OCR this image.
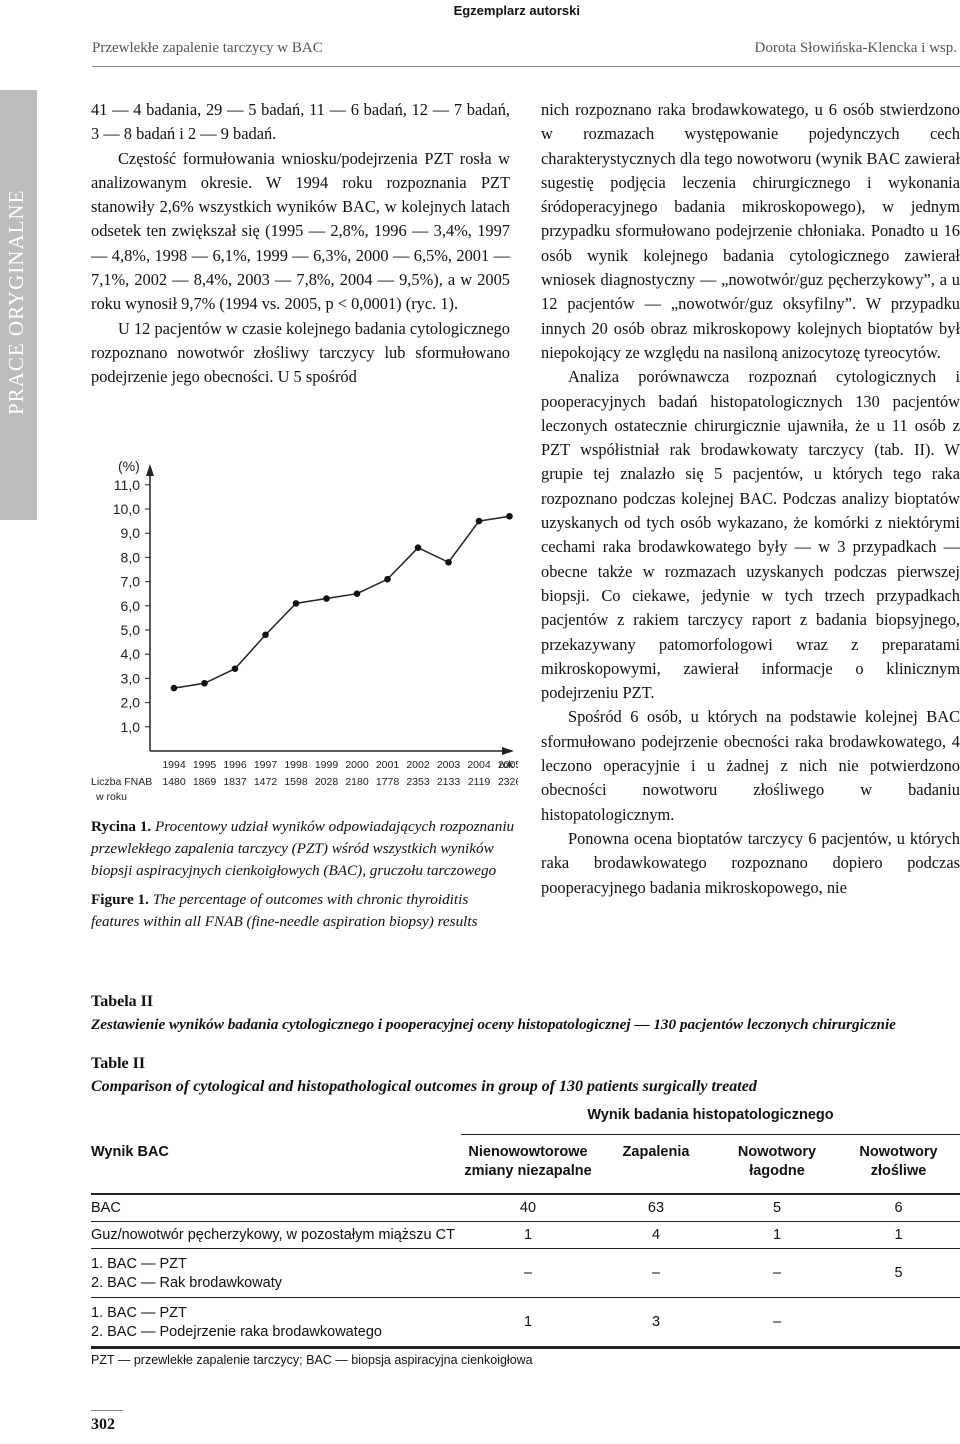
Egzemplarz autorski
Przewlekłe zapalenie tarczycy w BAC	Dorota Słowińska-Klencka i wsp.
PRACE ORYGINALNE

41 — 4 badania, 29 — 5 badań, 11 — 6 badań, 12 — 7 badań, 3 — 8 badań i 2 — 9 badań.

Częstość formułowania wniosku/podejrzenia PZT rosła w analizowanym okresie. W 1994 roku rozpoznania PZT stanowiły 2,6% wszystkich wyników BAC, w kolejnych latach odsetek ten zwiększał się (1995 — 2,8%, 1996 — 3,4%, 1997 — 4,8%, 1998 — 6,1%, 1999 — 6,3%, 2000 — 6,5%, 2001 — 7,1%, 2002 — 8,4%, 2003 — 7,8%, 2004 — 9,5%), a w 2005 roku wynosił 9,7% (1994 vs. 2005, p < 0,0001) (ryc. 1).

U 12 pacjentów w czasie kolejnego badania cytologicznego rozpoznano nowotwór złośliwy tarczycy lub sformułowano podejrzenie jego obecności. U 5 spośród

nich rozpoznano raka brodawkowatego, u 6 osób stwierdzono w rozmazach występowanie pojedynczych cech charakterystycznych dla tego nowotworu (wynik BAC zawierał sugestię podjęcia leczenia chirurgicznego i wykonania śródoperacyjnego badania mikroskopowego), w jednym przypadku sformułowano podejrzenie chłoniaka. Ponadto u 16 osób wynik kolejnego badania cytologicznego zawierał wniosek diagnostyczny — „nowotwór/guz pęcherzykowy”, a u 12 pacjentów — „nowotwór/guz oksyfilny”. W przypadku innych 20 osób obraz mikroskopowy kolejnych bioptatów był niepokojący ze względu na nasiloną anizocytozę tyreocytów.

Analiza porównawcza rozpoznań cytologicznych i pooperacyjnych badań histopatologicznych 130 pacjentów leczonych ostatecznie chirurgicznie ujawniła, że u 11 osób z PZT współistniał rak brodawkowaty tarczycy (tab. II). W grupie tej znalazło się 5 pacjentów, u których tego raka rozpoznano podczas kolejnej BAC. Podczas analizy bioptatów uzyskanych od tych osób wykazano, że komórki z niektórymi cechami raka brodawkowatego były — w 3 przypadkach — obecne także w rozmazach uzyskanych podczas pierwszej biopsji. Co ciekawe, jedynie w tych trzech przypadkach pacjentów z rakiem tarczycy raport z badania biopsyjnego, przekazywany patomorfologowi wraz z preparatami mikroskopowymi, zawierał informacje o klinicznym podejrzeniu PZT.

Spośród 6 osób, u których na podstawie kolejnej BAC sformułowano podejrzenie obecności raka brodawkowatego, 4 leczono operacyjnie i u żadnej z nich nie potwierdzono obecności nowotworu złośliwego w badaniu histopatologicznym.

Ponowna ocena bioptatów tarczycy 6 pacjentów, u których raka brodawkowatego rozpoznano dopiero podczas pooperacyjnego badania mikroskopowego, nie

(%)
1,0
2,0
3,0
4,0
5,0
6,0
7,0
8,0
9,0
10,0
11,0
1994 1995 1996 1997 1998 1999 2000 2001 2002 2003 2004 200
rok
Liczba FNAB
w roku
1480 1869 1837 1472 1598 2028 2180 1778 2353 2133 2119 232

Rycina 1. Procentowy udział wyników odpowiadających rozpoznaniu przewlekłego zapalenia tarczycy (PZT) wśród wszystkich wyników biopsji aspiracyjnych cienkoigłowych (BAC), gruczołu tarczowego

Figure 1. The percentage of outcomes with chronic thyroiditis features within all FNAB (fine-needle aspiration biopsy) results

Tabela II

Zestawienie wyników badania cytologicznego i pooperacyjnej oceny histopatologicznej — 130 pacjentów leczonych chirurgicznie

Table II

Comparison of cytological and histopathological outcomes in group of 130 patients surgically treated

	Wynik badania histopatologicznego			
Wynik BAC	Nienowowtorowe zmiany niezapalne	Zapalenia	Nowotwory łagodne	Nowotwory złośliwe

BAC	40	63	5	6
Guz/nowotwór pęcherzykowy, w pozostałym miąższu CT	1	4	1	1

1. BAC — PZT
2. BAC — Rak brodawkowaty	–	–	–	5

1. BAC — PZT
2. BAC — Podejrzenie raka brodawkowatego	1	3	–	

PZT — przewlekłe zapalenie tarczycy; BAC — biopsja aspiracyjna cienkoigłowa				
302
